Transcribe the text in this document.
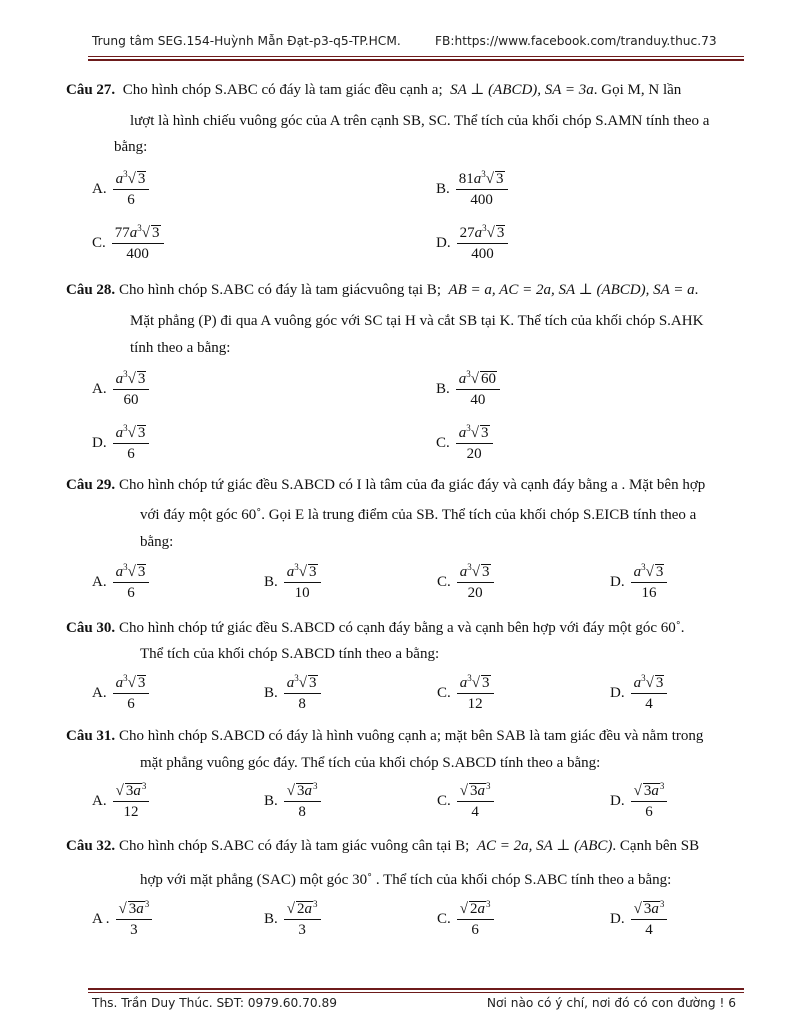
Trung tâm SEG.154-Huỳnh Mẫn Đạt-p3-q5-TP.HCM.	FB:https://www.facebook.com/tranduy.thuc.73
Câu 27. Cho hình chóp S.ABC có đáy là tam giác đều cạnh a; SA ⊥ (ABCD), SA = 3a. Gọi M, N lần
lượt là hình chiếu vuông góc của A trên cạnh SB, SC. Thể tích của khối chóp S.AMN tính theo a
bằng:
A. $\frac{a^3√ 3}{6}$	B. $\frac{81a^3√ 3}{400}$
C. $\frac{77a^3√ 3}{400}$	D. $\frac{27a^3√ 3}{400}$
Câu 28. Cho hình chóp S.ABC có đáy là tam giácvuông tại B; AB = a, AC = 2a, SA ⊥ (ABCD), SA = a.
Mặt phẳng (P) đi qua A vuông góc với SC tại H và cắt SB tại K. Thể tích của khối chóp S.AHK
tính theo a bằng:
A. $\frac{a^3√ 3}{60}$	B. $\frac{a^3√ 60}{40}$
D. $\frac{a^3√ 3}{6}$	C. $\frac{a^3√ 3}{20}$
Câu 29. Cho hình chóp tứ giác đều S.ABCD có I là tâm của đa giác đáy và cạnh đáy bằng a . Mặt bên hợp
với đáy một góc 60˚. Gọi E là trung điểm của SB. Thể tích của khối chóp S.EICB tính theo a
bằng:
A. $\frac{a^3√ 3}{6}$	B. $\frac{a^3√ 3}{10}$	C. $\frac{a^3√ 3}{20}$	D. $\frac{a^3√ 3}{16}$
Câu 30. Cho hình chóp tứ giác đều S.ABCD có cạnh đáy bằng a và cạnh bên hợp với đáy một góc 60˚.
Thể tích của khối chóp S.ABCD tính theo a bằng:
A. $\frac{a^3√ 3}{6}$	B. $\frac{a^3√ 3}{8}$	C. $\frac{a^3√ 3}{12}$	D. $\frac{a^3√ 3}{4}$
Câu 31. Cho hình chóp S.ABCD có đáy là hình vuông cạnh a; mặt bên SAB là tam giác đều và nằm trong
mặt phẳng vuông góc đáy. Thể tích của khối chóp S.ABCD tính theo a bằng:
A. $\frac{√ 3a^3}{12}$	B. $\frac{√ 3a^3}{8}$	C. $\frac{√ 3a^3}{4}$	D. $\frac{√ 3a^3}{6}$
Câu 32. Cho hình chóp S.ABC có đáy là tam giác vuông cân tại B; AC = 2a, SA ⊥ (ABC). Cạnh bên SB
hợp với mặt phẳng (SAC) một góc 30˚ . Thể tích của khối chóp S.ABC tính theo a bằng:
A . $\frac{√ 3a^3}{3}$	B. $\frac{√ 2a^3}{3}$	C. $\frac{√ 2a^3}{6}$	D. $\frac{√ 3a^3}{4}$
Ths. Trần Duy Thúc. SĐT: 0979.60.70.89	Nơi nào có ý chí, nơi đó có con đường ! 6
